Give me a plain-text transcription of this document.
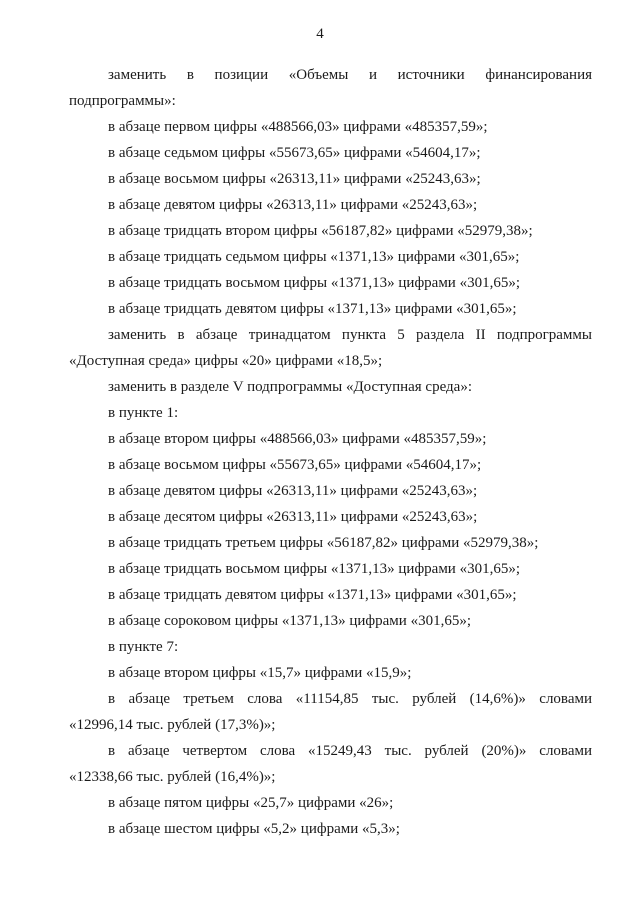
4

заменить в позиции «Объемы и источники финансирования
подпрограммы»:

в абзаце первом цифры «488566,03» цифрами «485357,59»;

в абзаце седьмом цифры «55673,65» цифрами «54604,17»;

в абзаце восьмом цифры «26313,11» цифрами «25243,63»;

в абзаце девятом цифры «26313,11» цифрами «25243,63»;

в абзаце тридцать втором цифры «56187,82» цифрами «52979,38»;

в абзаце тридцать седьмом цифры «1371,13» цифрами «301,65»;

в абзаце тридцать восьмом цифры «1371,13» цифрами «301,65»;

в абзаце тридцать девятом цифры «1371,13» цифрами «301,65»;

заменить в абзаце тринадцатом пункта 5 раздела II подпрограммы
«Доступная среда» цифры «20» цифрами «18,5»;

заменить в разделе V подпрограммы «Доступная среда»:

в пункте 1:

в абзаце втором цифры «488566,03» цифрами «485357,59»;

в абзаце восьмом цифры «55673,65» цифрами «54604,17»;

в абзаце девятом цифры «26313,11» цифрами «25243,63»;

в абзаце десятом цифры «26313,11» цифрами «25243,63»;

в абзаце тридцать третьем цифры «56187,82» цифрами «52979,38»;

в абзаце тридцать восьмом цифры «1371,13» цифрами «301,65»;

в абзаце тридцать девятом цифры «1371,13» цифрами «301,65»;

в абзаце сороковом цифры «1371,13» цифрами «301,65»;

в пункте 7:

в абзаце втором цифры «15,7» цифрами «15,9»;

в абзаце третьем слова «11154,85 тыс. рублей (14,6%)» словами
«12996,14 тыс. рублей (17,3%)»;

в абзаце четвертом слова «15249,43 тыс. рублей (20%)» словами
«12338,66 тыс. рублей (16,4%)»;

в абзаце пятом цифры «25,7» цифрами «26»;

в абзаце шестом цифры «5,2» цифрами «5,3»;
